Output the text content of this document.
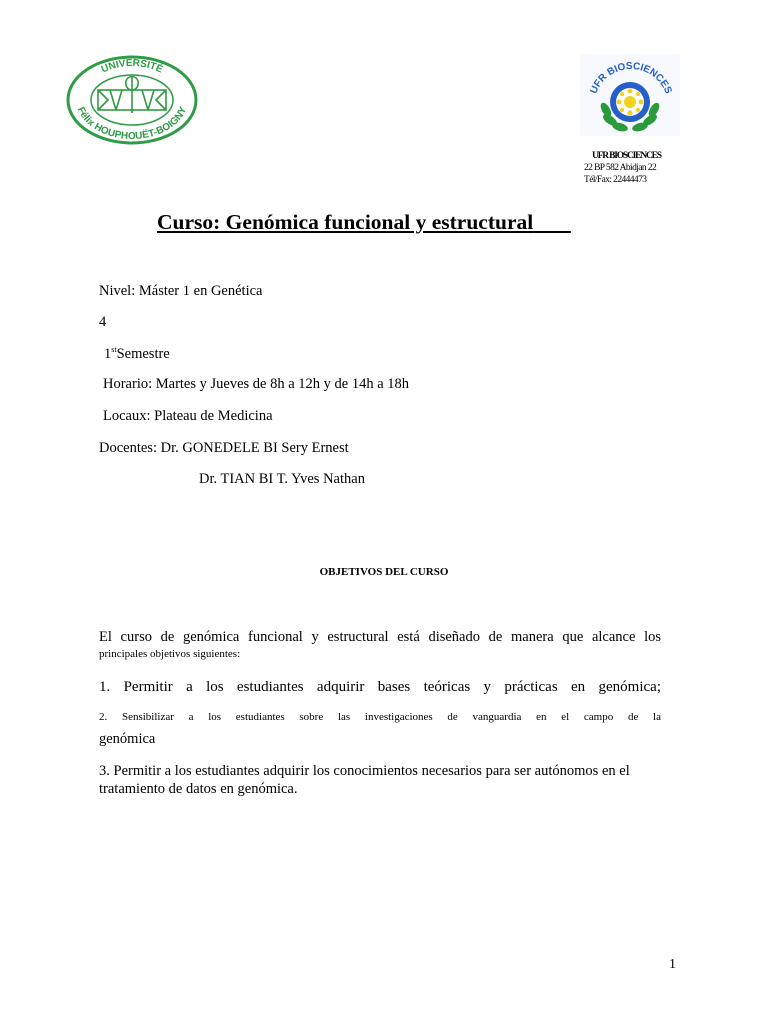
UNIVERSITÉ
Félix HOUPHOUËT-BOIGNY
UFR BIOSCIENCES
UFR BIOSCIENCES
22 BP 582 Abidjan 22
Tél/Fax: 22444473
Curso: Genómica funcional y estructural
Nivel: Máster 1 en Genética
4
1stSemestre
Horario: Martes y Jueves de 8h a 12h y de 14h a 18h
Locaux: Plateau de Medicina
Docentes: Dr. GONEDELE BI Sery Ernest
Dr. TIAN BI T. Yves Nathan
OBJETIVOS DEL CURSO
El curso de genómica funcional y estructural está diseñado de manera que alcance los
principales objetivos siguientes:
1. Permitir a los estudiantes adquirir bases teóricas y prácticas en genómica;
2. Sensibilizar a los estudiantes sobre las investigaciones de vanguardia en el campo de la
genómica
3. Permitir a los estudiantes adquirir los conocimientos necesarios para ser autónomos en el tratamiento de datos en genómica.
1
